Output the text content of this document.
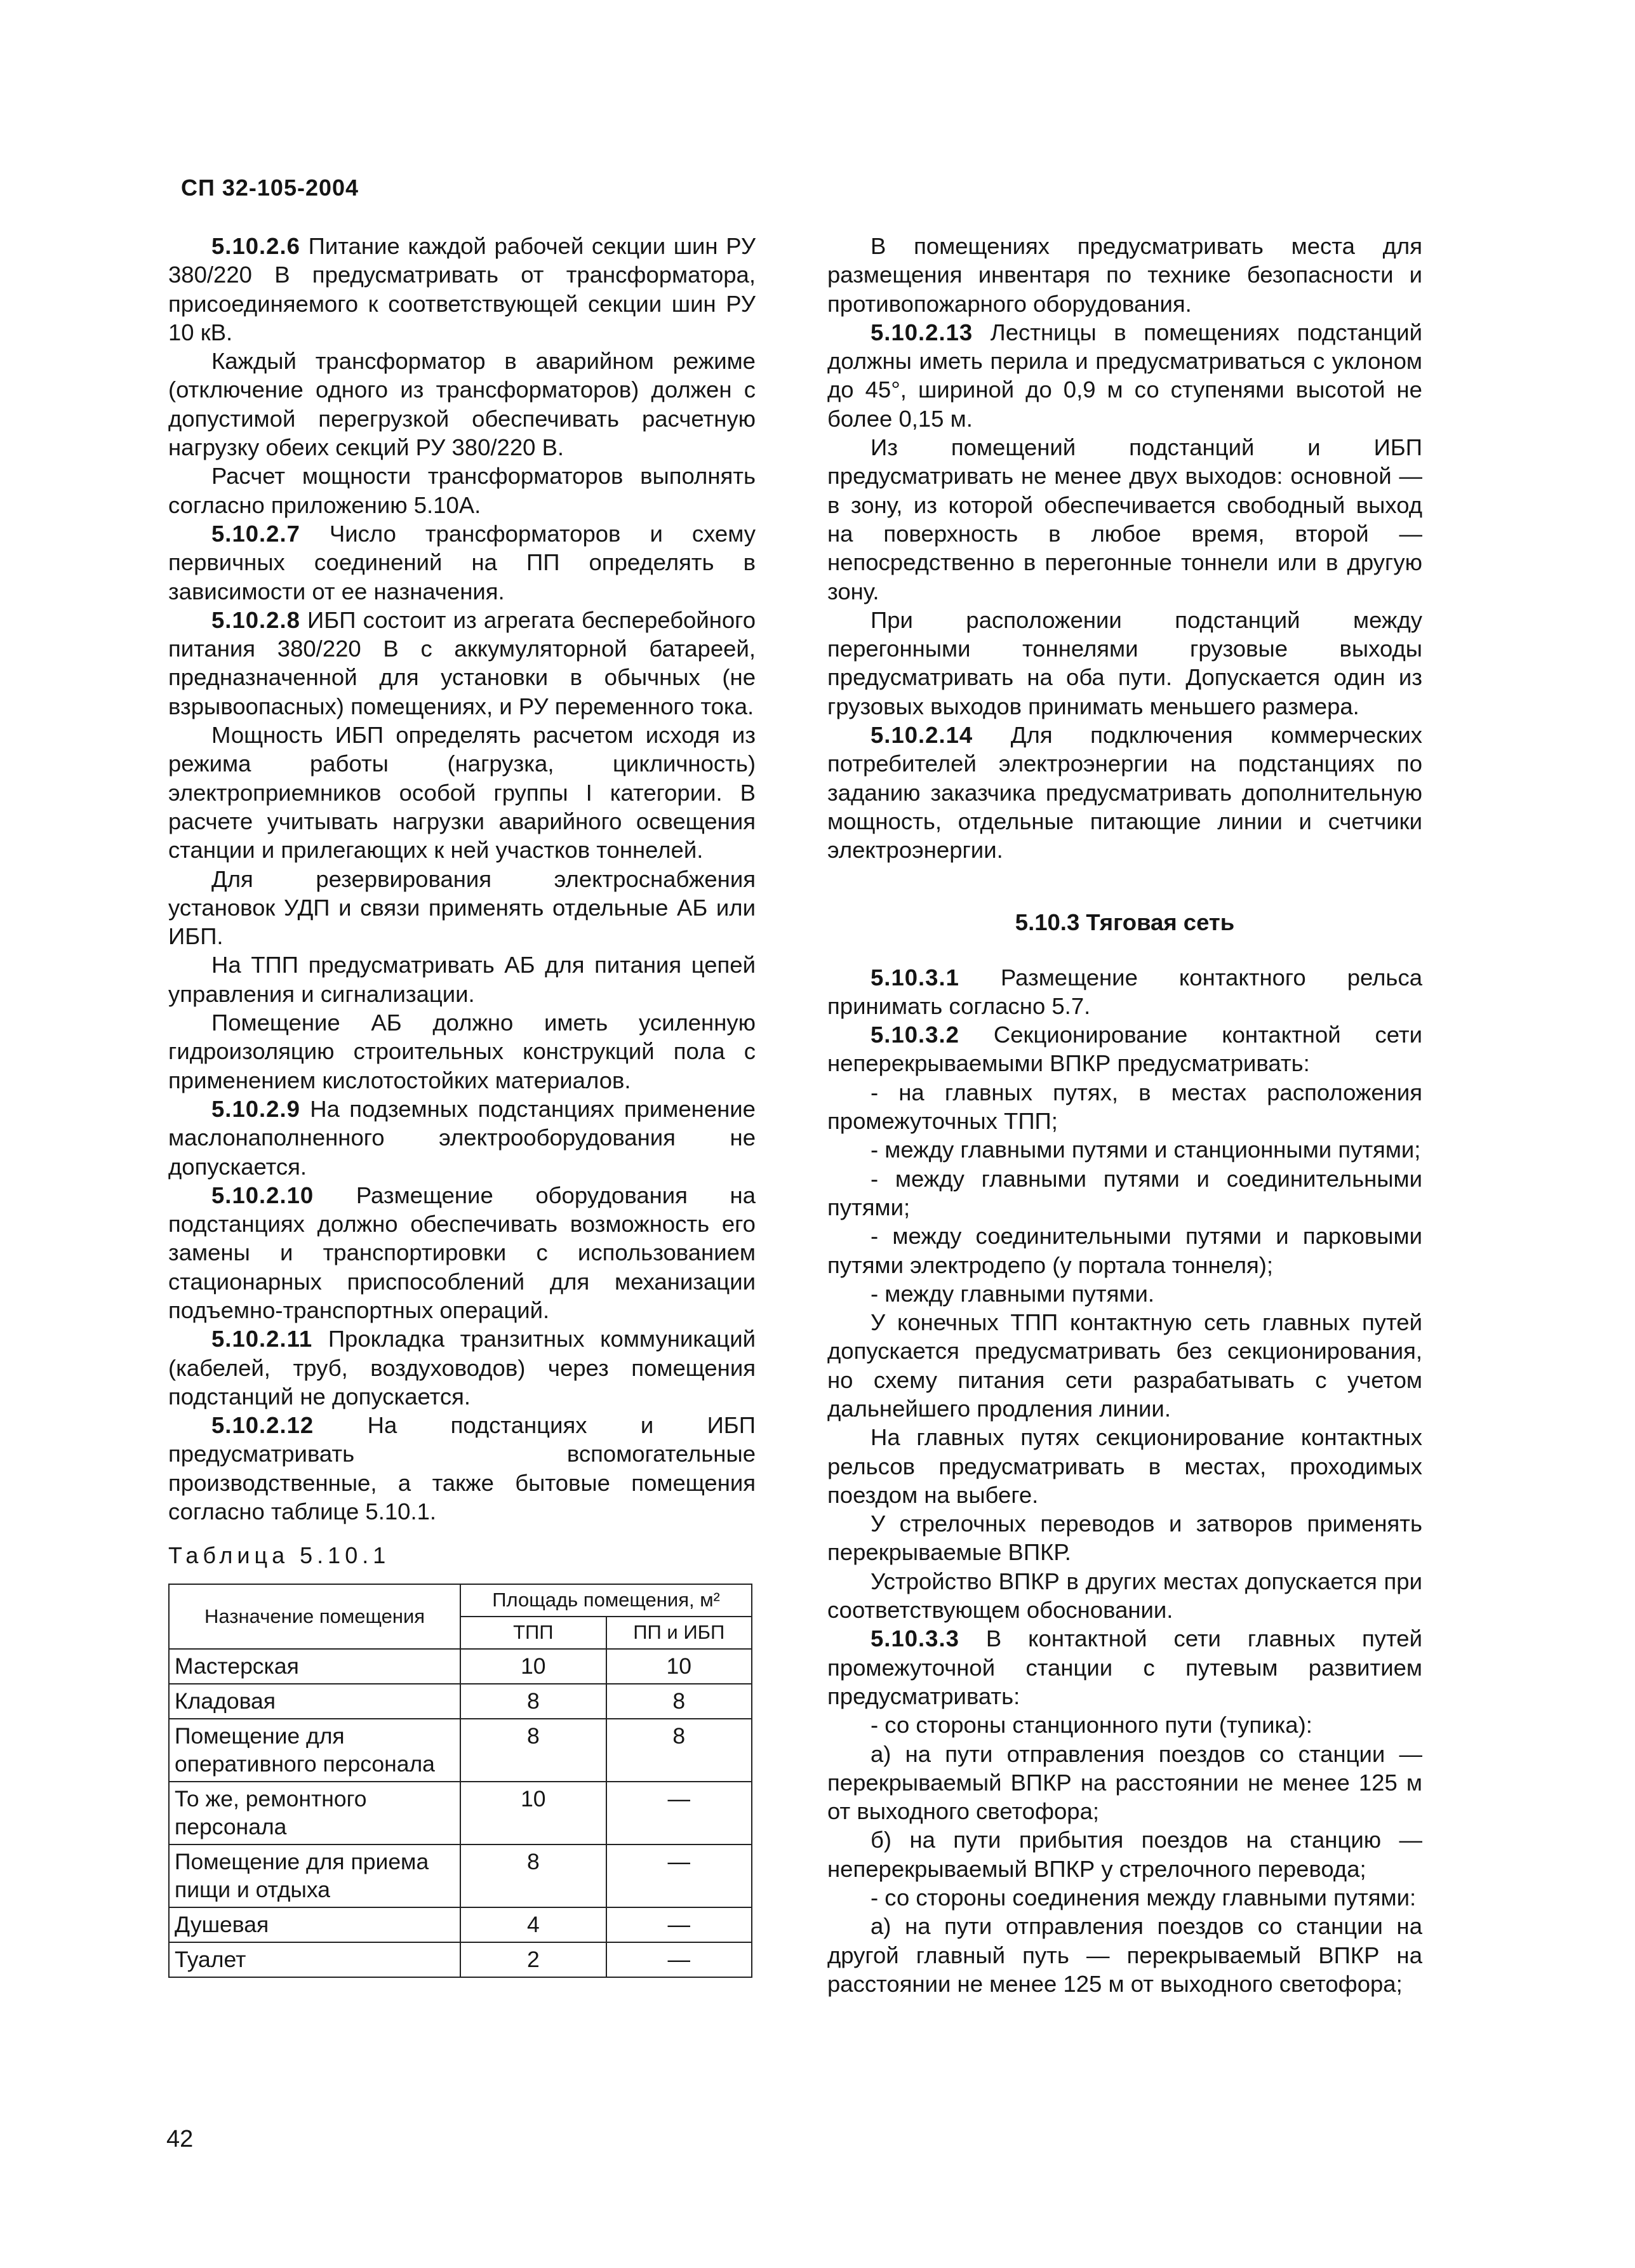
СП 32-105-2004

5.10.2.6 Питание каждой рабочей секции шин РУ 380/220 В предусматривать от трансформатора, присоединяемого к соответствующей секции шин РУ 10 кВ.

Каждый трансформатор в аварийном режиме (отключение одного из трансформаторов) должен с допустимой перегрузкой обеспечивать расчетную нагрузку обеих секций РУ 380/220 В.

Расчет мощности трансформаторов выполнять согласно приложению 5.10А.

5.10.2.7 Число трансформаторов и схему первичных соединений на ПП определять в зависимости от ее назначения.

5.10.2.8 ИБП состоит из агрегата бесперебойного питания 380/220 В с аккумуляторной батареей, предназначенной для установки в обычных (не взрывоопасных) помещениях, и РУ переменного тока.

Мощность ИБП определять расчетом исходя из режима работы (нагрузка, цикличность) электроприемников особой группы I категории. В расчете учитывать нагрузки аварийного освещения станции и прилегающих к ней участков тоннелей.

Для резервирования электроснабжения установок УДП и связи применять отдельные АБ или ИБП.

На ТПП предусматривать АБ для питания цепей управления и сигнализации.

Помещение АБ должно иметь усиленную гидроизоляцию строительных конструкций пола с применением кислотостойких материалов.

5.10.2.9 На подземных подстанциях применение маслонаполненного электрооборудования не допускается.

5.10.2.10 Размещение оборудования на подстанциях должно обеспечивать возможность его замены и транспортировки с использованием стационарных приспособлений для механизации подъемно-транспортных операций.

5.10.2.11 Прокладка транзитных коммуникаций (кабелей, труб, воздуховодов) через помещения подстанций не допускается.

5.10.2.12 На подстанциях и ИБП предусматривать вспомогательные производственные, а также бытовые помещения согласно таблице 5.10.1.

Таблица 5.10.1
Назначение помещения	Площадь помещения, м²	
	ТПП	ПП и ИБП
Мастерская	10	10
Кладовая	8	8
Помещение для оперативного персонала	8	8
То же, ремонтного персонала	10	—
Помещение для приема пищи и отдыха	8	—
Душевая	4	—
Туалет	2	—

В помещениях предусматривать места для размещения инвентаря по технике безопасности и противопожарного оборудования.

5.10.2.13 Лестницы в помещениях подстанций должны иметь перила и предусматриваться с уклоном до 45°, шириной до 0,9 м со ступенями высотой не более 0,15 м.

Из помещений подстанций и ИБП предусматривать не менее двух выходов: основной — в зону, из которой обеспечивается свободный выход на поверхность в любое время, второй — непосредственно в перегонные тоннели или в другую зону.

При расположении подстанций между перегонными тоннелями грузовые выходы предусматривать на оба пути. Допускается один из грузовых выходов принимать меньшего размера.

5.10.2.14 Для подключения коммерческих потребителей электроэнергии на подстанциях по заданию заказчика предусматривать дополнительную мощность, отдельные питающие линии и счетчики электроэнергии.

5.10.3 Тяговая сеть

5.10.3.1 Размещение контактного рельса принимать согласно 5.7.

5.10.3.2 Секционирование контактной сети неперекрываемыми ВПКР предусматривать:

- на главных путях, в местах расположения промежуточных ТПП;

- между главными путями и станционными путями;

- между главными путями и соединительными путями;

- между соединительными путями и парковыми путями электродепо (у портала тоннеля);

- между главными путями.

У конечных ТПП контактную сеть главных путей допускается предусматривать без секционирования, но схему питания сети разрабатывать с учетом дальнейшего продления линии.

На главных путях секционирование контактных рельсов предусматривать в местах, проходимых поездом на выбеге.

У стрелочных переводов и затворов применять перекрываемые ВПКР.

Устройство ВПКР в других местах допускается при соответствующем обосновании.

5.10.3.3 В контактной сети главных путей промежуточной станции с путевым развитием предусматривать:

- со стороны станционного пути (тупика):

а) на пути отправления поездов со станции — перекрываемый ВПКР на расстоянии не менее 125 м от выходного светофора;

б) на пути прибытия поездов на станцию — неперекрываемый ВПКР у стрелочного перевода;

- со стороны соединения между главными путями:

а) на пути отправления поездов со станции на другой главный путь — перекрываемый ВПКР на расстоянии не менее 125 м от выходного светофора;

42
